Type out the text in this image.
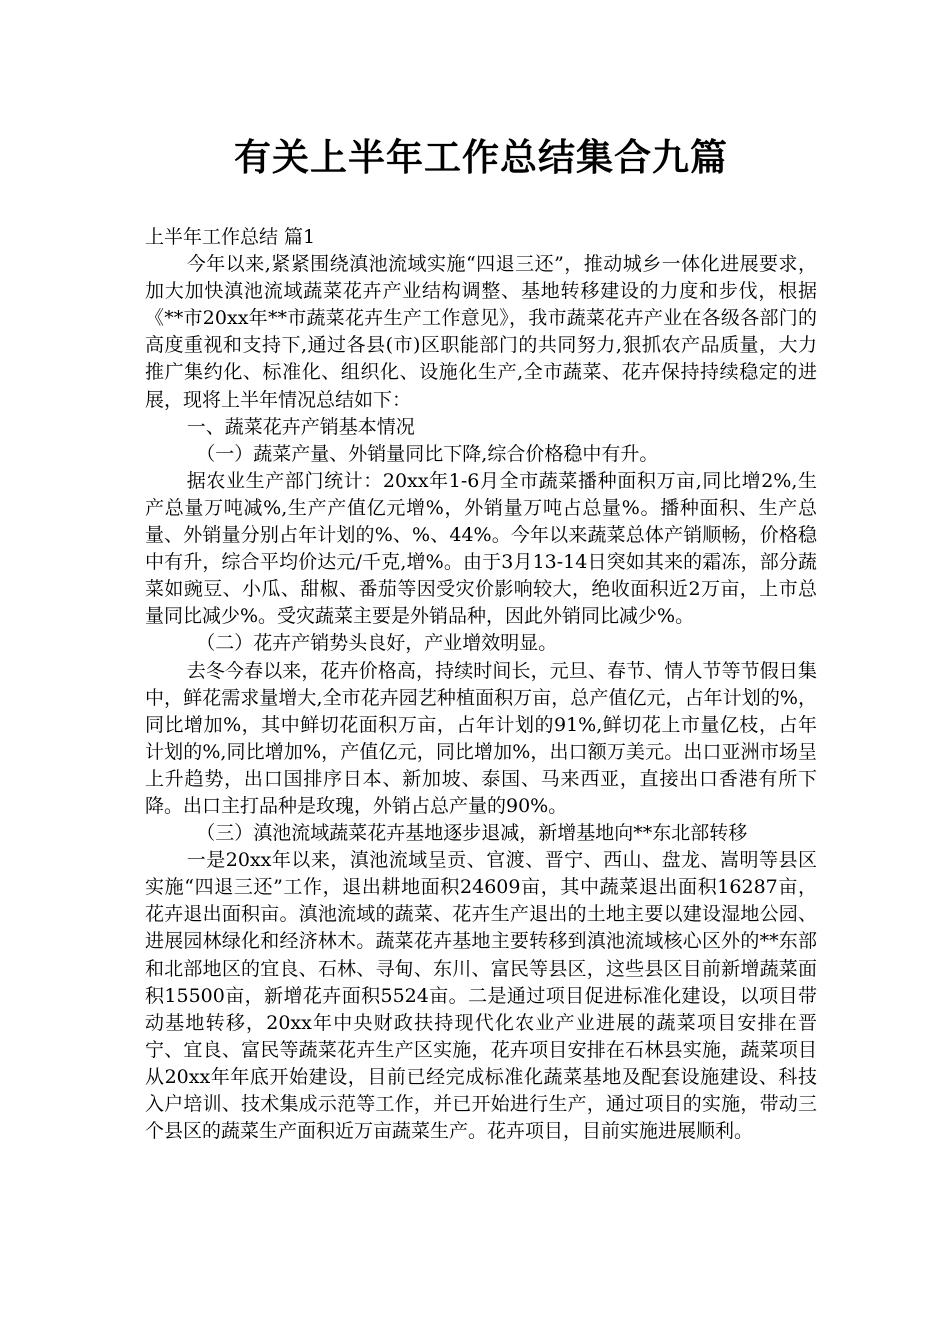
有关上半年工作总结集合九篇

上半年工作总结 篇1

今年以来,紧紧围绕滇池流域实施“四退三还”，推动城乡一体化进展要求，加大加快滇池流域蔬菜花卉产业结构调整、基地转移建设的力度和步伐，根据《**市20xx年**市蔬菜花卉生产工作意见》，我市蔬菜花卉产业在各级各部门的高度重视和支持下,通过各县(市)区职能部门的共同努力,狠抓农产品质量，大力推广集约化、标准化、组织化、设施化生产,全市蔬菜、花卉保持持续稳定的进展，现将上半年情况总结如下：

一、蔬菜花卉产销基本情况

（一）蔬菜产量、外销量同比下降,综合价格稳中有升。

据农业生产部门统计：20xx年1-6月全市蔬菜播种面积万亩,同比增2%,生产总量万吨减%,生产产值亿元增%，外销量万吨占总量%。播种面积、生产总量、外销量分别占年计划的%、%、44%。今年以来蔬菜总体产销顺畅，价格稳中有升，综合平均价达元/千克,增%。由于3月13-14日突如其来的霜冻，部分蔬菜如豌豆、小瓜、甜椒、番茄等因受灾价影响较大，绝收面积近2万亩，上市总量同比减少%。受灾蔬菜主要是外销品种，因此外销同比减少%。

（二）花卉产销势头良好，产业增效明显。

去冬今春以来，花卉价格高，持续时间长，元旦、春节、情人节等节假日集中，鲜花需求量增大,全市花卉园艺种植面积万亩，总产值亿元，占年计划的%，同比增加%，其中鲜切花面积万亩，占年计划的91%,鲜切花上市量亿枝，占年计划的%,同比增加%，产值亿元，同比增加%，出口额万美元。出口亚洲市场呈上升趋势，出口国排序日本、新加坡、泰国、马来西亚，直接出口香港有所下降。出口主打品种是玫瑰，外销占总产量的90%。

（三）滇池流域蔬菜花卉基地逐步退减，新增基地向**东北部转移

一是20xx年以来，滇池流域呈贡、官渡、晋宁、西山、盘龙、嵩明等县区实施“四退三还”工作，退出耕地面积24609亩，其中蔬菜退出面积16287亩，花卉退出面积亩。滇池流域的蔬菜、花卉生产退出的土地主要以建设湿地公园、进展园林绿化和经济林木。蔬菜花卉基地主要转移到滇池流域核心区外的**东部和北部地区的宜良、石林、寻甸、东川、富民等县区，这些县区目前新增蔬菜面积15500亩，新增花卉面积5524亩。二是通过项目促进标准化建设，以项目带动基地转移，20xx年中央财政扶持现代化农业产业进展的蔬菜项目安排在晋宁、宜良、富民等蔬菜花卉生产区实施，花卉项目安排在石林县实施，蔬菜项目从20xx年年底开始建设，目前已经完成标准化蔬菜基地及配套设施建设、科技入户培训、技术集成示范等工作，并已开始进行生产，通过项目的实施，带动三个县区的蔬菜生产面积近万亩蔬菜生产。花卉项目，目前实施进展顺利。
